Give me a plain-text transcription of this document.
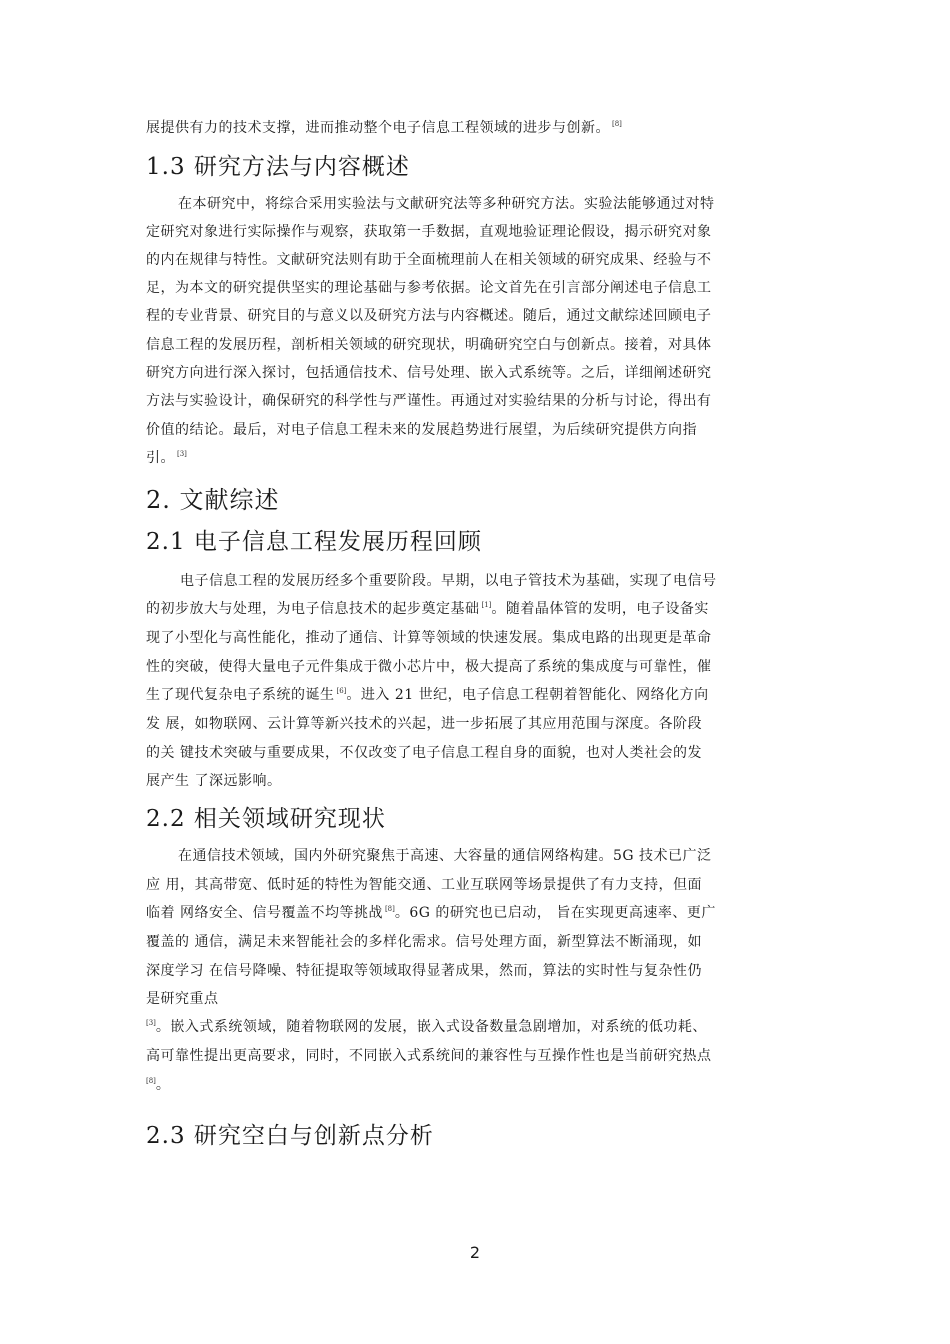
展提供有力的技术支撑，进而推动整个电子信息工程领域的进步与创新。 [8]
1.3 研究方法与内容概述
在本研究中，将综合采用实验法与文献研究法等多种研究方法。实验法能够通过对特
定研究对象进行实际操作与观察，获取第一手数据，直观地验证理论假设，揭示研究对象
的内在规律与特性。文献研究法则有助于全面梳理前人在相关领域的研究成果、经验与不
足，为本文的研究提供坚实的理论基础与参考依据。论文首先在引言部分阐述电子信息工
程的专业背景、研究目的与意义以及研究方法与内容概述。随后，通过文献综述回顾电子
信息工程的发展历程，剖析相关领域的研究现状，明确研究空白与创新点。接着，对具体
研究方向进行深入探讨，包括通信技术、信号处理、嵌入式系统等。之后，详细阐述研究
方法与实验设计，确保研究的科学性与严谨性。再通过对实验结果的分析与讨论，得出有
价值的结论。最后，对电子信息工程未来的发展趋势进行展望，为后续研究提供方向指
引。 [3]
2. 文献综述
2.1 电子信息工程发展历程回顾
电子信息工程的发展历经多个重要阶段。早期，以电子管技术为基础，实现了电信号
的初步放大与处理，为电子信息技术的起步奠定基础 [1]。随着晶体管的发明，电子设备实
现了小型化与高性能化，推动了通信、计算等领域的快速发展。集成电路的出现更是革命
性的突破，使得大量电子元件集成于微小芯片中，极大提高了系统的集成度与可靠性，催
生了现代复杂电子系统的诞生 [6]。进入 21 世纪，电子信息工程朝着智能化、网络化方向
发 展，如物联网、云计算等新兴技术的兴起，进一步拓展了其应用范围与深度。各阶段
的关 键技术突破与重要成果，不仅改变了电子信息工程自身的面貌，也对人类社会的发
展产生 了深远影响。
2.2 相关领域研究现状
在通信技术领域，国内外研究聚焦于高速、大容量的通信网络构建。5G 技术已广泛
应 用，其高带宽、低时延的特性为智能交通、工业互联网等场景提供了有力支持，但面
临着 网络安全、信号覆盖不均等挑战 [8]。6G 的研究也已启动， 旨在实现更高速率、更广
覆盖的 通信，满足未来智能社会的多样化需求。信号处理方面，新型算法不断涌现，如
深度学习 在信号降噪、特征提取等领域取得显著成果，然而，算法的实时性与复杂性仍
是研究重点
[3]。嵌入式系统领域，随着物联网的发展，嵌入式设备数量急剧增加，对系统的低功耗、
高可靠性提出更高要求，同时，不同嵌入式系统间的兼容性与互操作性也是当前研究热点
[8]。
2.3 研究空白与创新点分析
2
